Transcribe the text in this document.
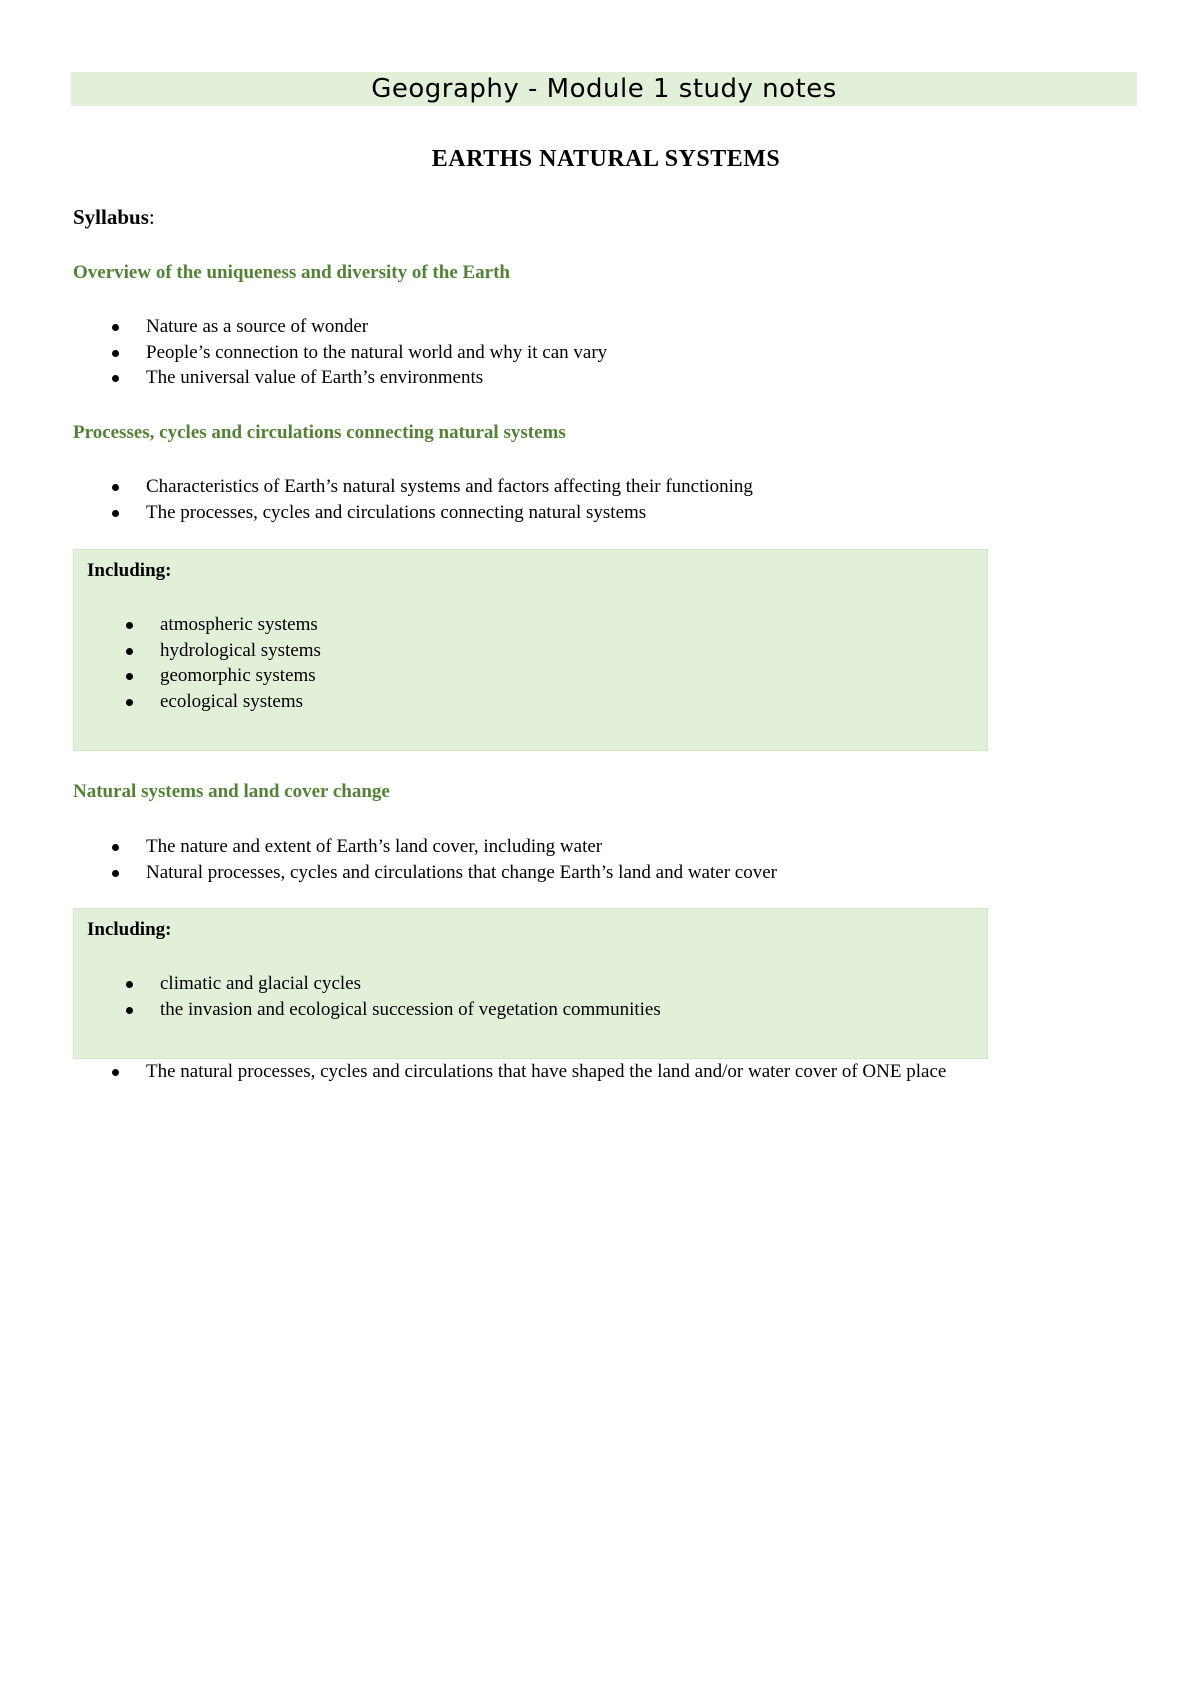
Geography - Module 1 study notes
EARTHS NATURAL SYSTEMS
Syllabus:
Overview of the uniqueness and diversity of the Earth
Nature as a source of wonder
People’s connection to the natural world and why it can vary
The universal value of Earth’s environments
Processes, cycles and circulations connecting natural systems
Characteristics of Earth’s natural systems and factors affecting their functioning
The processes, cycles and circulations connecting natural systems
Including:
atmospheric systems
hydrological systems
geomorphic systems
ecological systems
Natural systems and land cover change
The nature and extent of Earth’s land cover, including water
Natural processes, cycles and circulations that change Earth’s land and water cover
Including:
climatic and glacial cycles
the invasion and ecological succession of vegetation communities
The natural processes, cycles and circulations that have shaped the land and/or water cover of ONE place
